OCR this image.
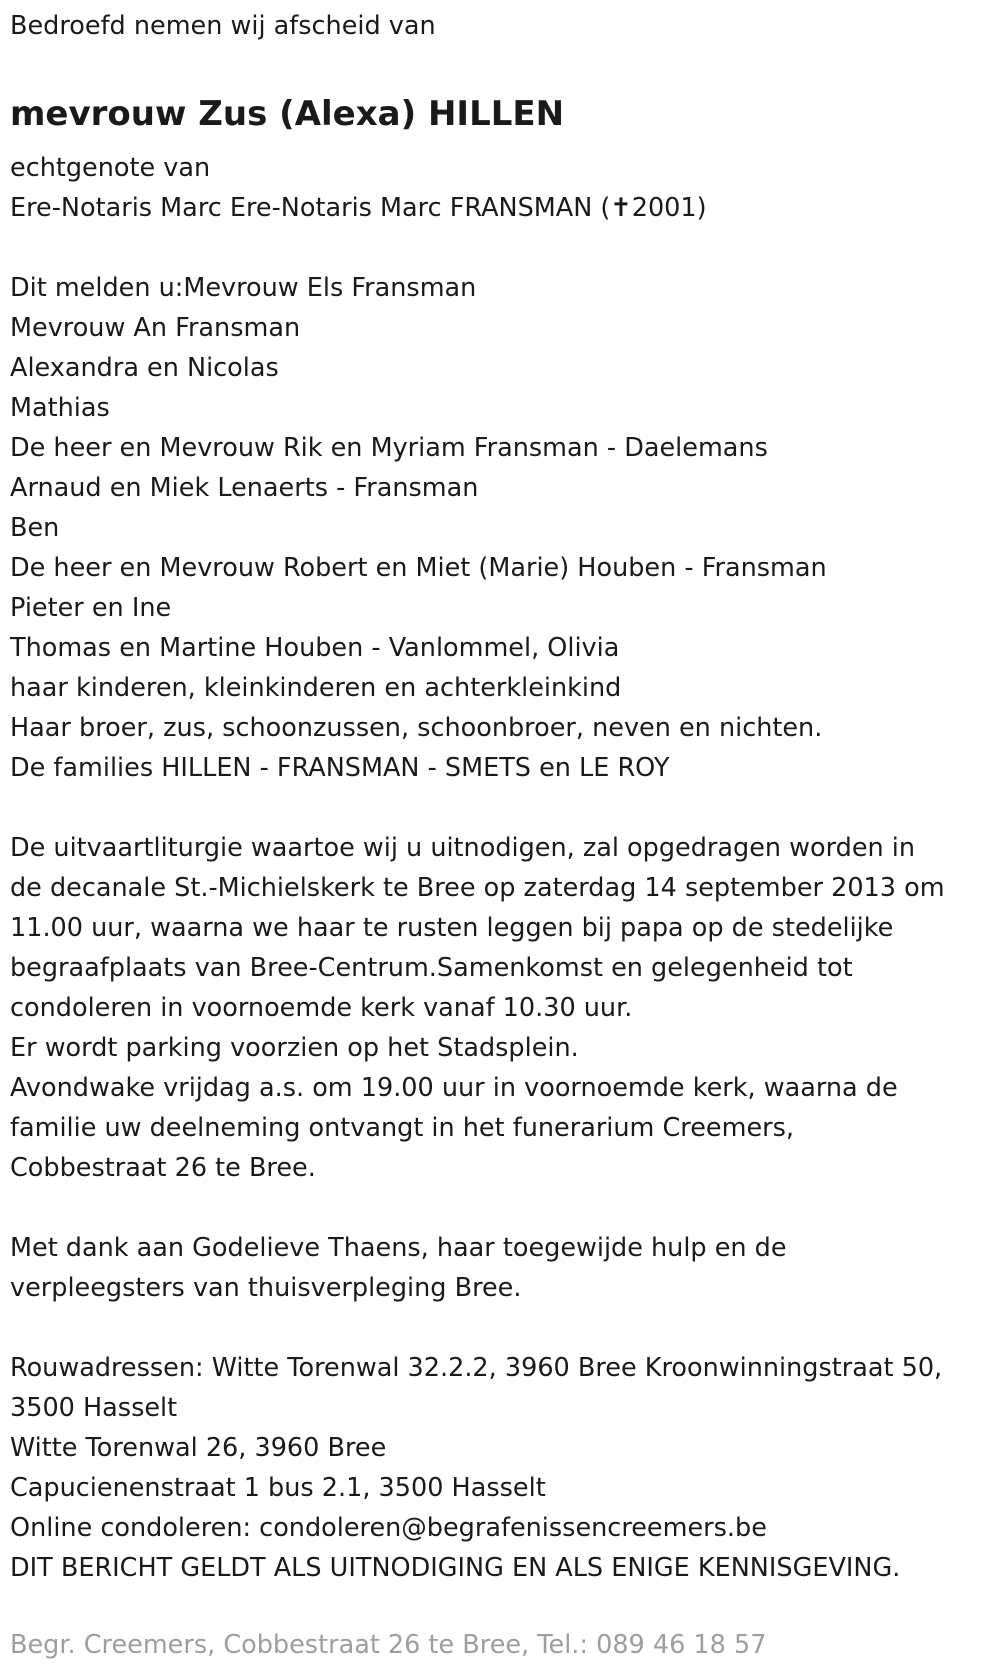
Bedroefd nemen wij afscheid van
mevrouw Zus (Alexa) HILLEN
echtgenote van
Ere-Notaris Marc Ere-Notaris Marc FRANSMAN (✝2001)
Dit melden u:Mevrouw Els Fransman
Mevrouw An Fransman
Alexandra en Nicolas
Mathias
De heer en Mevrouw Rik en Myriam Fransman - Daelemans
Arnaud en Miek Lenaerts - Fransman
Ben
De heer en Mevrouw Robert en Miet (Marie) Houben - Fransman
Pieter en Ine
Thomas en Martine Houben - Vanlommel, Olivia
haar kinderen, kleinkinderen en achterkleinkind
Haar broer, zus, schoonzussen, schoonbroer, neven en nichten.
De families HILLEN - FRANSMAN - SMETS en LE ROY
De uitvaartliturgie waartoe wij u uitnodigen, zal opgedragen worden in
de decanale St.-Michielskerk te Bree op zaterdag 14 september 2013 om
11.00 uur, waarna we haar te rusten leggen bij papa op de stedelijke
begraafplaats van Bree-Centrum.Samenkomst en gelegenheid tot
condoleren in voornoemde kerk vanaf 10.30 uur.
Er wordt parking voorzien op het Stadsplein.
Avondwake vrijdag a.s. om 19.00 uur in voornoemde kerk, waarna de
familie uw deelneming ontvangt in het funerarium Creemers,
Cobbestraat 26 te Bree.
Met dank aan Godelieve Thaens, haar toegewijde hulp en de
verpleegsters van thuisverpleging Bree.
Rouwadressen: Witte Torenwal 32.2.2, 3960 Bree Kroonwinningstraat 50,
3500 Hasselt
Witte Torenwal 26, 3960 Bree
Capucienenstraat 1 bus 2.1, 3500 Hasselt
Online condoleren: condoleren@begrafenissencreemers.be
DIT BERICHT GELDT ALS UITNODIGING EN ALS ENIGE KENNISGEVING.
Begr. Creemers, Cobbestraat 26 te Bree, Tel.: 089 46 18 57
